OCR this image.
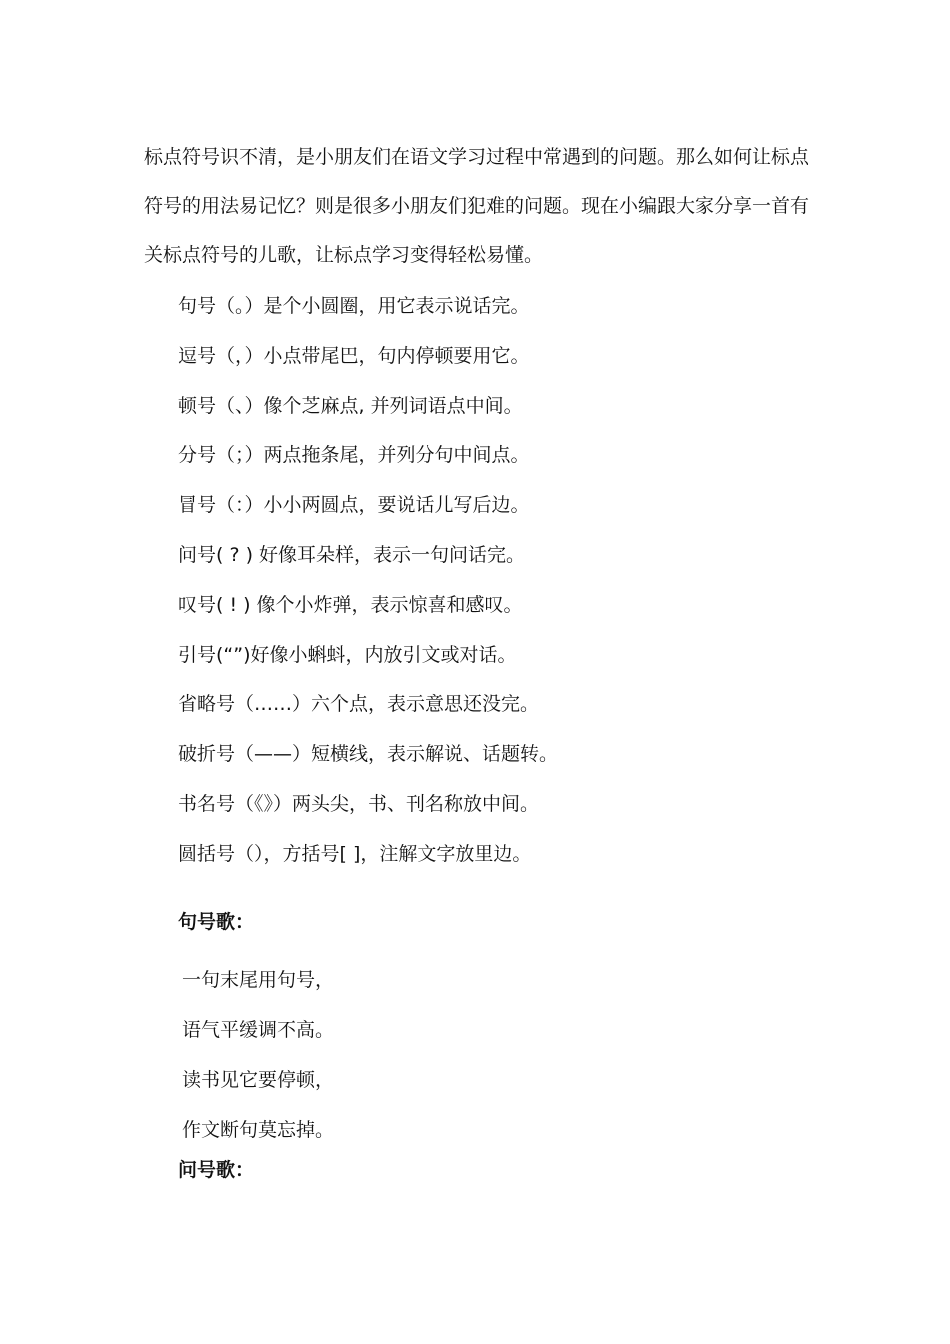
标点符号识不清，是小朋友们在语文学习过程中常遇到的问题。那么如何让标点

符号的用法易记忆？则是很多小朋友们犯难的问题。现在小编跟大家分享一首有

关标点符号的儿歌，让标点学习变得轻松易懂。

句号（。）是个小圆圈，用它表示说话完。

逗号（，）小点带尾巴，句内停顿要用它。

顿号（、）像个芝麻点, 并列词语点中间。

分号（；）两点拖条尾，并列分句中间点。

冒号（：）小小两圆点，要说话儿写后边。

问号( ? ) 好像耳朵样，表示一句问话完。

叹号( ! ) 像个小炸弹，表示惊喜和感叹。

引号(“”)好像小蝌蚪，内放引文或对话。

省略号（……）六个点，表示意思还没完。

破折号（——）短横线，表示解说、话题转。

书名号（《》）两头尖，书、刊名称放中间。

圆括号（），方括号[ ]，注解文字放里边。

句号歌：

一句末尾用句号，

语气平缓调不高。

读书见它要停顿，

作文断句莫忘掉。

问号歌：
